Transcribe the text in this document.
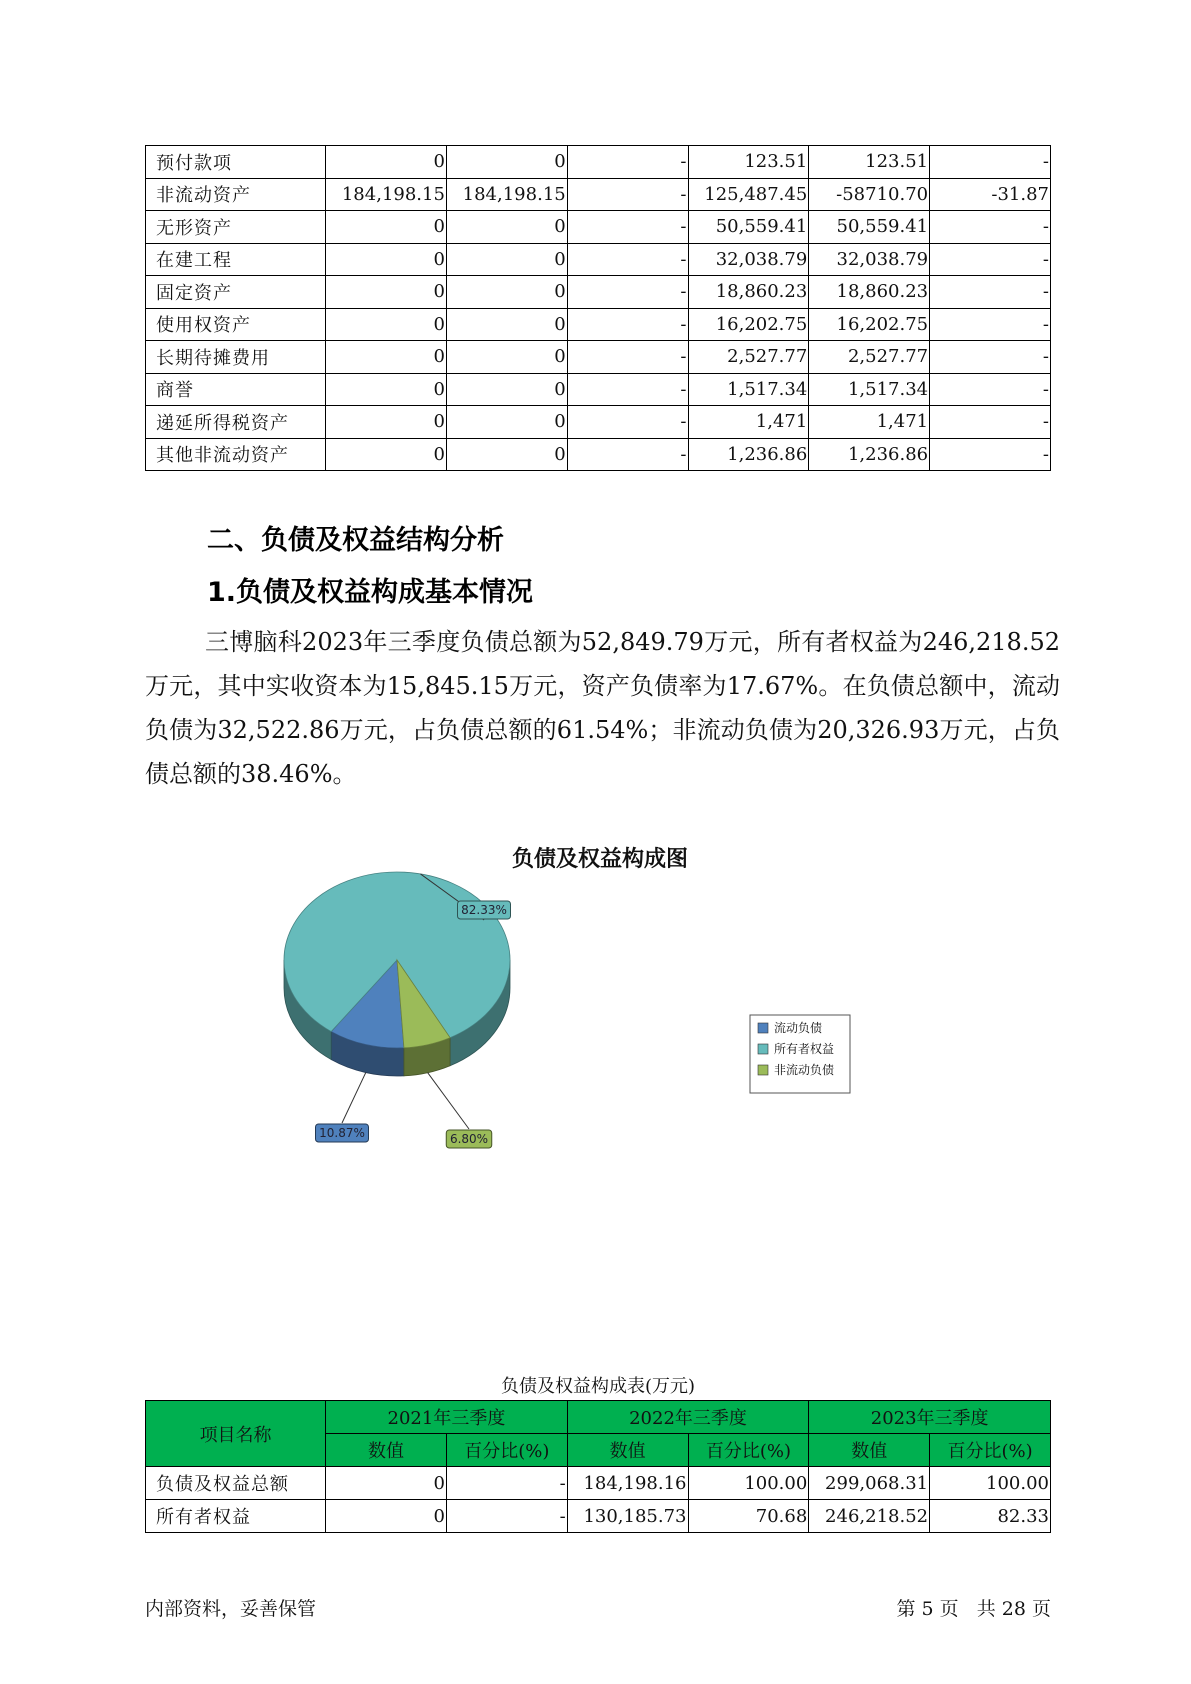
预付款项	0	0	-	123.51	123.51	-
非流动资产	184,198.15	184,198.15	-	125,487.45	-58710.70	-31.87
无形资产	0	0	-	50,559.41	50,559.41	-
在建工程	0	0	-	32,038.79	32,038.79	-
固定资产	0	0	-	18,860.23	18,860.23	-
使用权资产	0	0	-	16,202.75	16,202.75	-
长期待摊费用	0	0	-	2,527.77	2,527.77	-
商誉	0	0	-	1,517.34	1,517.34	-
递延所得税资产	0	0	-	1,471	1,471	-
其他非流动资产	0	0	-	1,236.86	1,236.86	-
二、负债及权益结构分析
1.负债及权益构成基本情况

三博脑科2023年三季度负债总额为52,849.79万元，所有者权益为246,218.52万元，其中实收资本为15,845.15万元，资产负债率为17.67%。在负债总额中，流动负债为32,522.86万元，占负债总额的61.54%；非流动负债为20,326.93万元，占负债总额的38.46%。

负债及权益构成图
10.87%
82.33%
6.80%
流动负债
所有者权益
非流动负债
负债及权益构成表(万元)
项目名称	2021年三季度		2022年三季度		2023年三季度	
	数值	百分比(%)	数值	百分比(%)	数值	百分比(%)
负债及权益总额	0	-	184,198.16	100.00	299,068.31	100.00
所有者权益	0	-	130,185.73	70.68	246,218.52	82.33
内部资料，妥善保管	第 5 页   共 28 页
